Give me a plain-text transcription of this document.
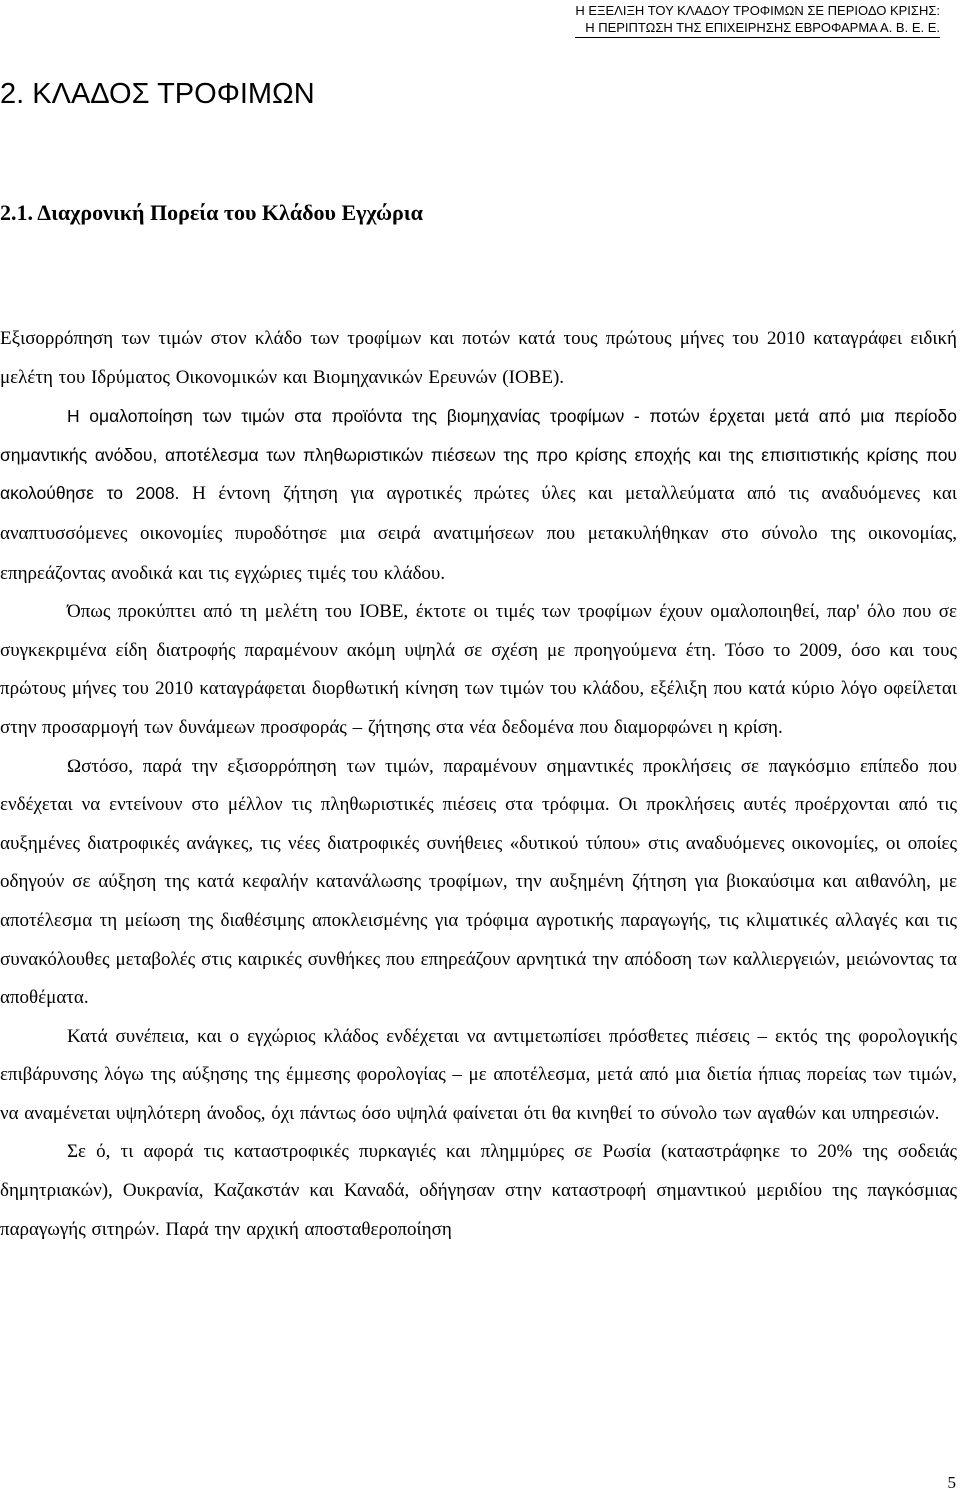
Η ΕΞΕΛΙΞΗ ΤΟΥ ΚΛΑΔΟΥ ΤΡΟΦΙΜΩΝ ΣΕ ΠΕΡΙΟΔΟ ΚΡΙΣΗΣ:
Η ΠΕΡΙΠΤΩΣΗ ΤΗΣ ΕΠΙΧΕΙΡΗΣΗΣ ΕΒΡΟΦΑΡΜΑ Α. Β. Ε. Ε.
2. ΚΛΑΔΟΣ ΤΡΟΦΙΜΩΝ
2.1. Διαχρονική Πορεία του Κλάδου Εγχώρια

Εξισορρόπηση των τιμών στον κλάδο των τροφίμων και ποτών κατά τους πρώτους μήνες του 2010 καταγράφει ειδική μελέτη του Ιδρύματος Οικονομικών και Βιομηχανικών Ερευνών (ΙΟΒΕ).

Η ομαλοποίηση των τιμών στα προϊόντα της βιομηχανίας τροφίμων - ποτών έρχεται μετά από μια περίοδο σημαντικής ανόδου, αποτέλεσμα των πληθωριστικών πιέσεων της προ κρίσης εποχής και της επισιτιστικής κρίσης που ακολούθησε το 2008. Η έντονη ζήτηση για αγροτικές πρώτες ύλες και μεταλλεύματα από τις αναδυόμενες και αναπτυσσόμενες οικονομίες πυροδότησε μια σειρά ανατιμήσεων που μετακυλήθηκαν στο σύνολο της οικονομίας, επηρεάζοντας ανοδικά και τις εγχώριες τιμές του κλάδου.

Όπως προκύπτει από τη μελέτη του ΙΟΒΕ, έκτοτε οι τιμές των τροφίμων έχουν ομαλοποιηθεί, παρ' όλο που σε συγκεκριμένα είδη διατροφής παραμένουν ακόμη υψηλά σε σχέση με προηγούμενα έτη. Τόσο το 2009, όσο και τους πρώτους μήνες του 2010 καταγράφεται διορθωτική κίνηση των τιμών του κλάδου, εξέλιξη που κατά κύριο λόγο οφείλεται στην προσαρμογή των δυνάμεων προσφοράς – ζήτησης στα νέα δεδομένα που διαμορφώνει η κρίση.

Ωστόσο, παρά την εξισορρόπηση των τιμών, παραμένουν σημαντικές προκλήσεις σε παγκόσμιο επίπεδο που ενδέχεται να εντείνουν στο μέλλον τις πληθωριστικές πιέσεις στα τρόφιμα. Οι προκλήσεις αυτές προέρχονται από τις αυξημένες διατροφικές ανάγκες, τις νέες διατροφικές συνήθειες «δυτικού τύπου» στις αναδυόμενες οικονομίες, οι οποίες οδηγούν σε αύξηση της κατά κεφαλήν κατανάλωσης τροφίμων, την αυξημένη ζήτηση για βιοκαύσιμα και αιθανόλη, με αποτέλεσμα τη μείωση της διαθέσιμης αποκλεισμένης για τρόφιμα αγροτικής παραγωγής, τις κλιματικές αλλαγές και τις συνακόλουθες μεταβολές στις καιρικές συνθήκες που επηρεάζουν αρνητικά την απόδοση των καλλιεργειών, μειώνοντας τα αποθέματα.

Κατά συνέπεια, και ο εγχώριος κλάδος ενδέχεται να αντιμετωπίσει πρόσθετες πιέσεις – εκτός της φορολογικής επιβάρυνσης λόγω της αύξησης της έμμεσης φορολογίας – με αποτέλεσμα, μετά από μια διετία ήπιας πορείας των τιμών, να αναμένεται υψηλότερη άνοδος, όχι πάντως όσο υψηλά φαίνεται ότι θα κινηθεί το σύνολο των αγαθών και υπηρεσιών.

Σε ό, τι αφορά τις καταστροφικές πυρκαγιές και πλημμύρες σε Ρωσία (καταστράφηκε το 20% της σοδειάς δημητριακών), Ουκρανία, Καζακστάν και Καναδά, οδήγησαν στην καταστροφή σημαντικού μεριδίου της παγκόσμιας παραγωγής σιτηρών. Παρά την αρχική αποσταθεροποίηση

5
